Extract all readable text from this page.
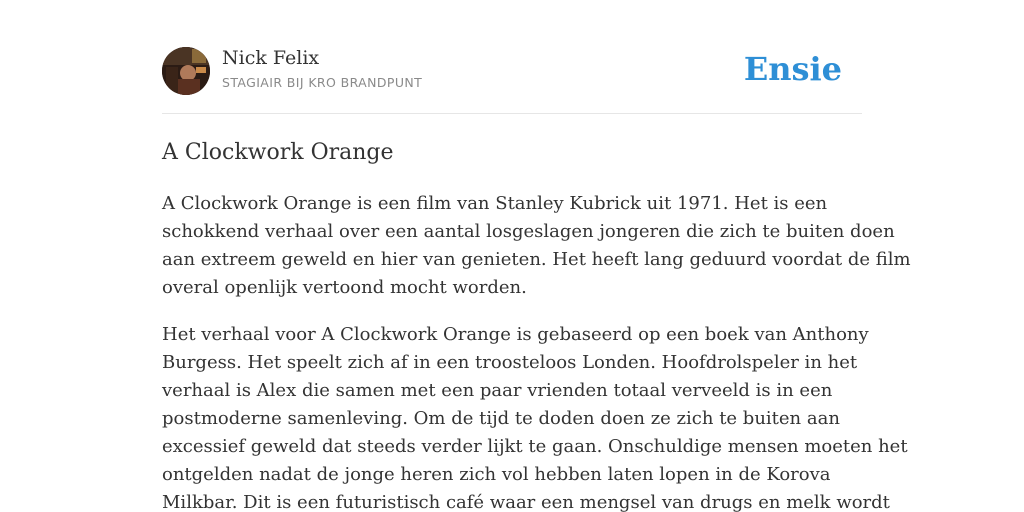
Nick Felix
STAGIAIR BIJ KRO BRANDPUNT	Ensie
A Clockwork Orange

A Clockwork Orange is een film van Stanley Kubrick uit 1971. Het is een
schokkend verhaal over een aantal losgeslagen jongeren die zich te buiten doen
aan extreem geweld en hier van genieten. Het heeft lang geduurd voordat de film
overal openlijk vertoond mocht worden.

Het verhaal voor A Clockwork Orange is gebaseerd op een boek van Anthony
Burgess. Het speelt zich af in een troosteloos Londen. Hoofdrolspeler in het
verhaal is Alex die samen met een paar vrienden totaal verveeld is in een
postmoderne samenleving. Om de tijd te doden doen ze zich te buiten aan
excessief geweld dat steeds verder lijkt te gaan. Onschuldige mensen moeten het
ontgelden nadat de jonge heren zich vol hebben laten lopen in de Korova
Milkbar. Dit is een futuristisch café waar een mengsel van drugs en melk wordt
